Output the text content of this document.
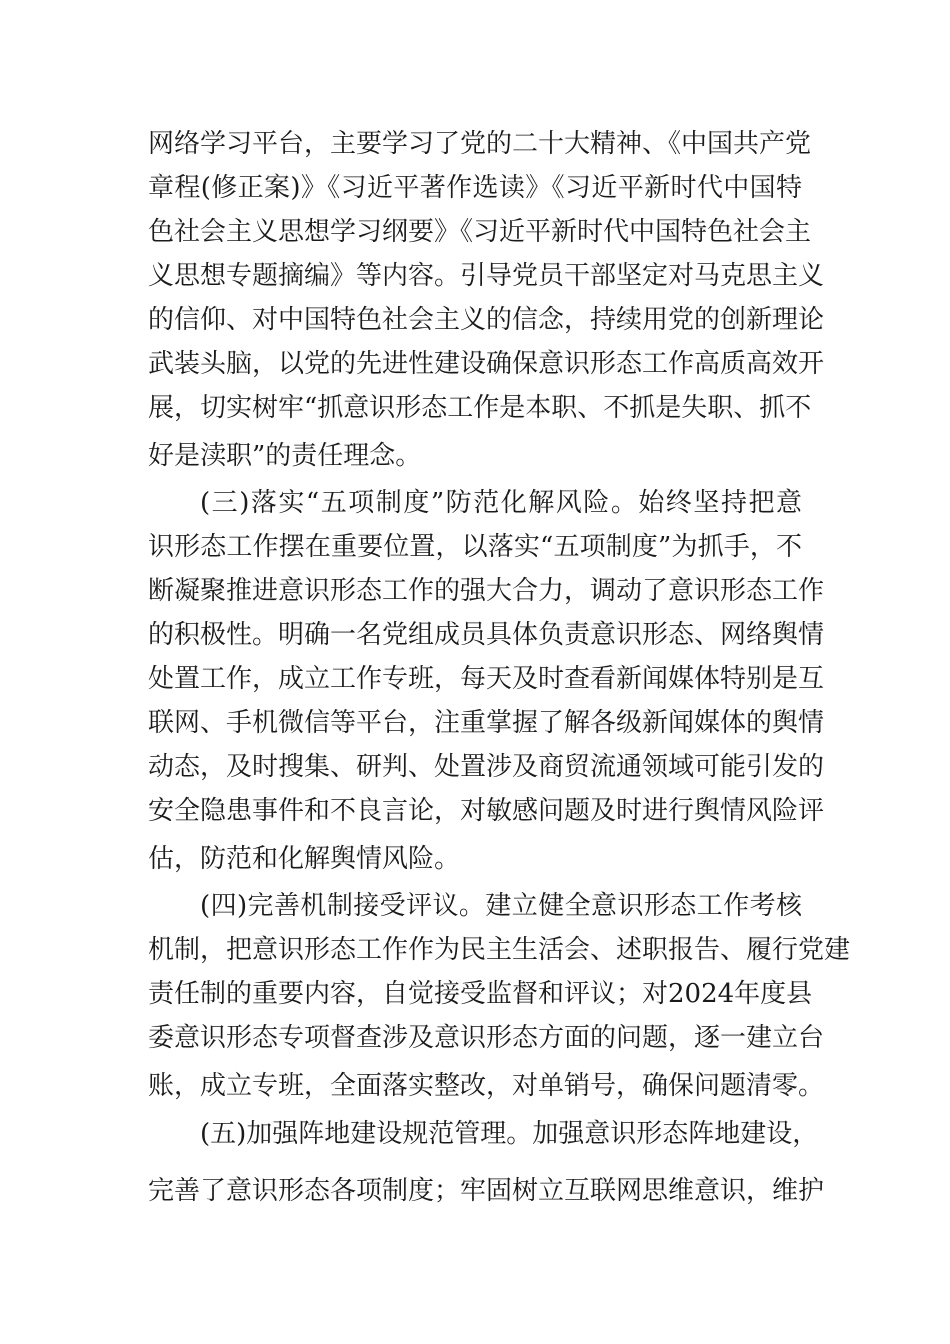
网络学习平台，主要学习了党的二十大精神、《中国共产党
章程(修正案)》《习近平著作选读》《习近平新时代中国特
色社会主义思想学习纲要》《习近平新时代中国特色社会主
义思想专题摘编》等内容。引导党员干部坚定对马克思主义
的信仰、对中国特色社会主义的信念，持续用党的创新理论
武装头脑，以党的先进性建设确保意识形态工作高质高效开
展，切实树牢“抓意识形态工作是本职、不抓是失职、抓不
好是渎职”的责任理念。
(三)落实“五项制度”防范化解风险。始终坚持把意
识形态工作摆在重要位置，以落实“五项制度”为抓手，不
断凝聚推进意识形态工作的强大合力，调动了意识形态工作
的积极性。明确一名党组成员具体负责意识形态、网络舆情
处置工作，成立工作专班，每天及时查看新闻媒体特别是互
联网、手机微信等平台，注重掌握了解各级新闻媒体的舆情
动态，及时搜集、研判、处置涉及商贸流通领域可能引发的
安全隐患事件和不良言论，对敏感问题及时进行舆情风险评
估，防范和化解舆情风险。
(四)完善机制接受评议。建立健全意识形态工作考核
机制，把意识形态工作作为民主生活会、述职报告、履行党建
责任制的重要内容，自觉接受监督和评议；对2024年度县
委意识形态专项督查涉及意识形态方面的问题，逐一建立台
账，成立专班，全面落实整改，对单销号，确保问题清零。
(五)加强阵地建设规范管理。加强意识形态阵地建设，
完善了意识形态各项制度；牢固树立互联网思维意识，维护
